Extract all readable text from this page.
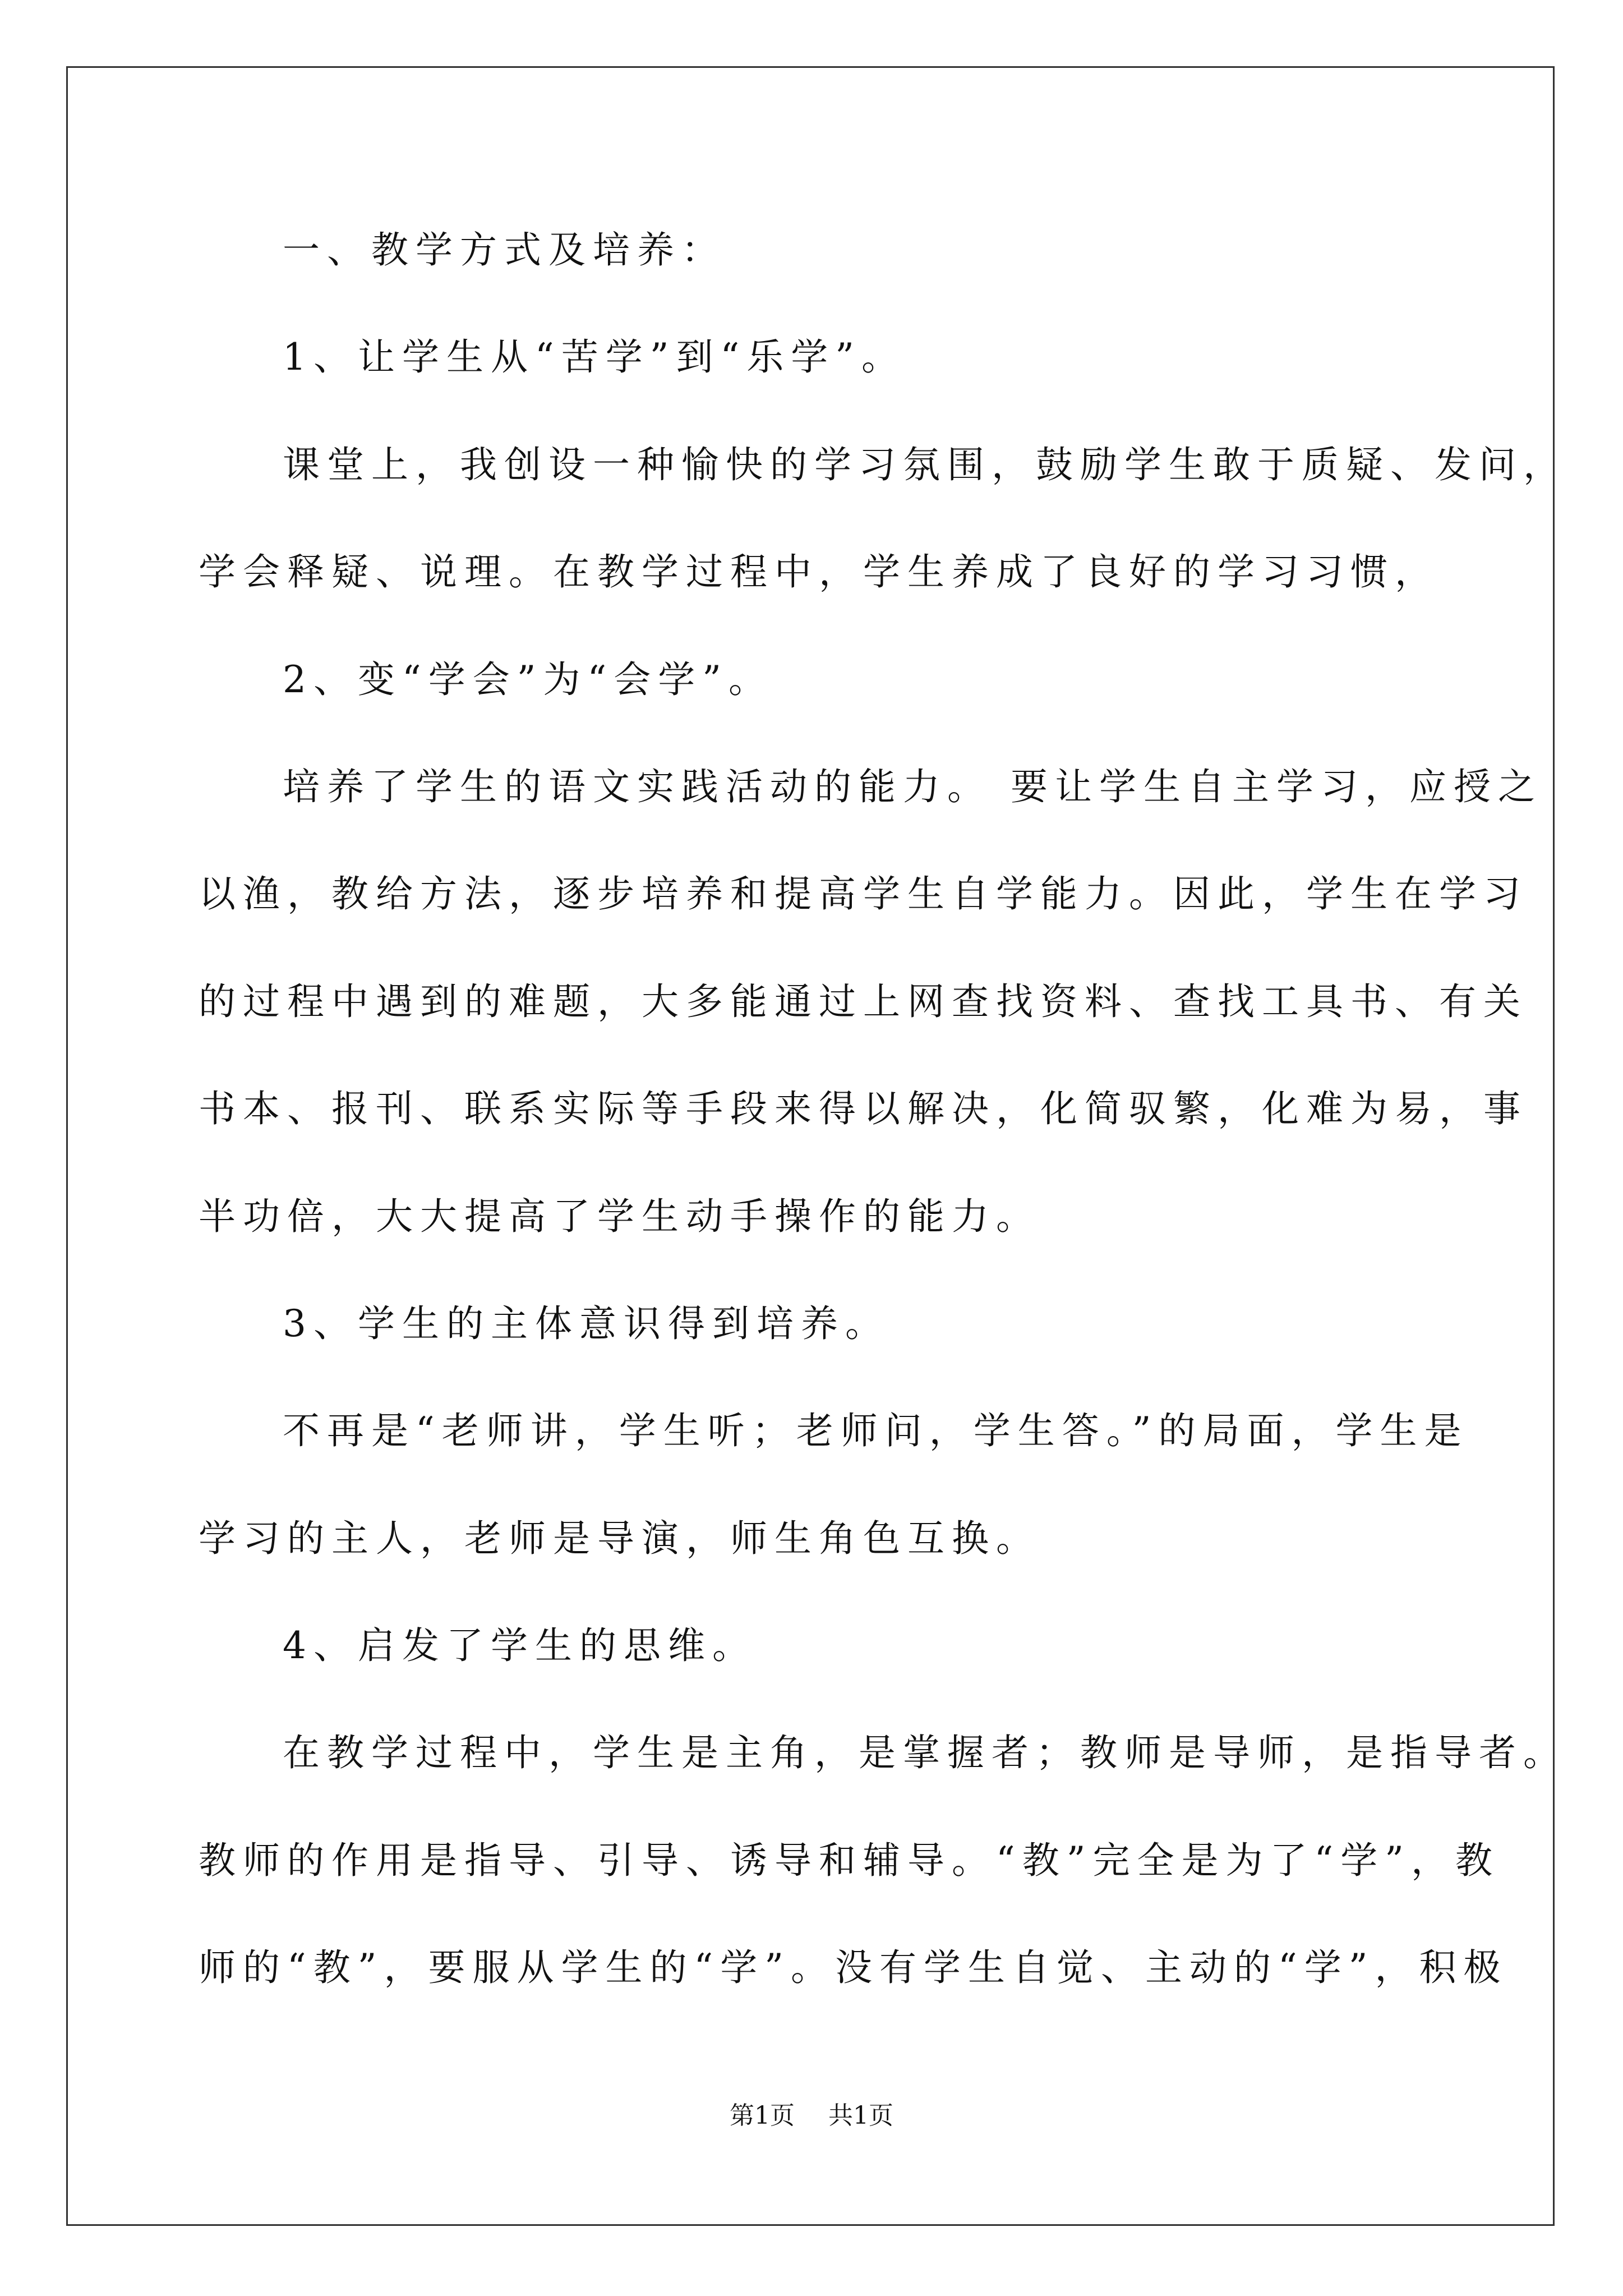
一、教学方式及培养：
1、让学生从“苦学”到“乐学”。
课堂上，我创设一种愉快的学习氛围，鼓励学生敢于质疑、发问，
学会释疑、说理。在教学过程中，学生养成了良好的学习习惯，
2、变“学会”为“会学”。
培养了学生的语文实践活动的能力。 要让学生自主学习，应授之
以渔，教给方法，逐步培养和提高学生自学能力。因此，学生在学习
的过程中遇到的难题，大多能通过上网查找资料、查找工具书、有关
书本、报刊、联系实际等手段来得以解决，化简驭繁，化难为易，事
半功倍，大大提高了学生动手操作的能力。
3、学生的主体意识得到培养。
不再是“老师讲，学生听；老师问，学生答。”的局面，学生是
学习的主人，老师是导演，师生角色互换。
4、启发了学生的思维。
在教学过程中，学生是主角，是掌握者；教师是导师，是指导者。
教师的作用是指导、引导、诱导和辅导。“教”完全是为了“学”，教
师的“教”，要服从学生的“学”。没有学生自觉、主动的“学”，积极
第1页 共1页
